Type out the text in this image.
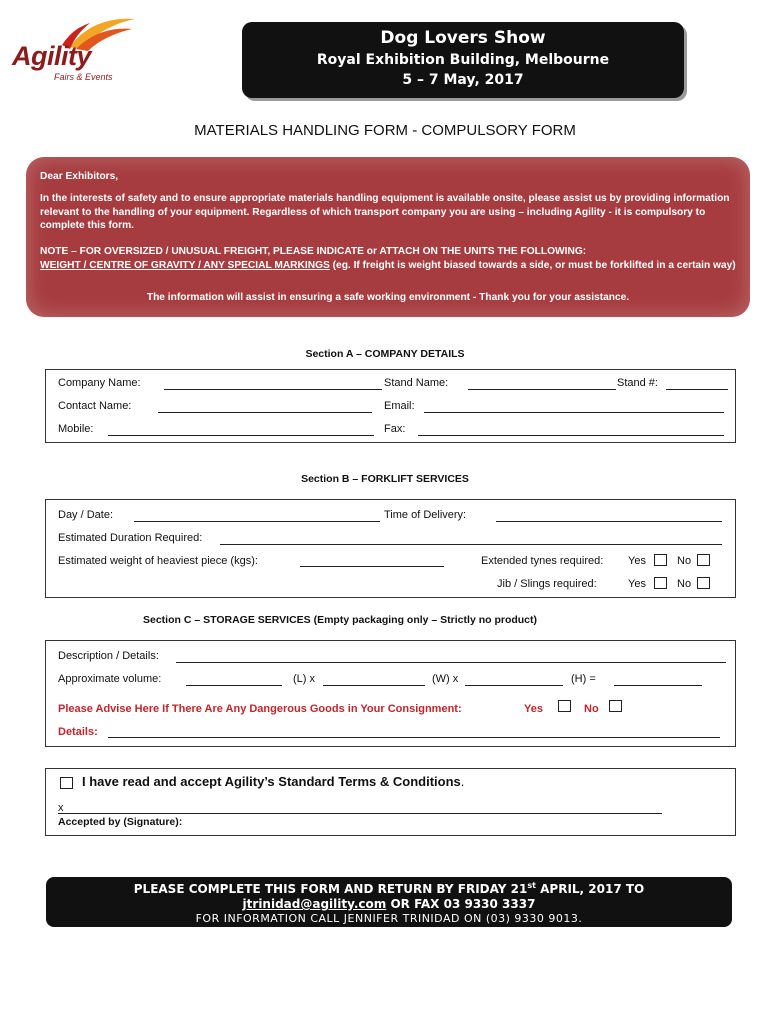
Agility
Fairs & Events
Dog Lovers Show
Royal Exhibition Building, Melbourne
5 – 7 May, 2017
MATERIALS HANDLING FORM - COMPULSORY FORM

Dear Exhibitors,

In the interests of safety and to ensure appropriate materials handling equipment is available onsite, please assist us by providing information relevant to the handling of your equipment. Regardless of which transport company you are using – including Agility - it is compulsory to complete this form.

NOTE – FOR OVERSIZED / UNUSUAL FREIGHT, PLEASE INDICATE or ATTACH ON THE UNITS THE FOLLOWING:

WEIGHT / CENTRE OF GRAVITY / ANY SPECIAL MARKINGS (eg. If freight is weight biased towards a side, or must be forklifted in a certain way)

The information will assist in ensuring a safe working environment - Thank you for your assistance.

Section A – COMPANY DETAILS
Company Name:	Stand Name:	Stand #:
Contact Name:	Email:
Mobile:	Fax:
Section B – FORKLIFT SERVICES
Day / Date:	Time of Delivery:
Estimated Duration Required:
Estimated weight of heaviest piece (kgs):	Extended tynes required: Yes	No
Jib / Slings required:	Yes	No
Section C – STORAGE SERVICES (Empty packaging only – Strictly no product)
Description / Details:
Approximate volume:	(L) x	(W) x	(H) =
Please Advise Here If There Are Any Dangerous Goods in Your Consignment:	Yes	No
Details:
I have read and accept Agility’s Standard Terms & Conditions.
x
Accepted by (Signature):
PLEASE COMPLETE THIS FORM AND RETURN BY FRIDAY 21st APRIL, 2017 TO
jtrinidad@agility.com OR FAX 03 9330 3337
FOR INFORMATION CALL JENNIFER TRINIDAD ON (03) 9330 9013.
